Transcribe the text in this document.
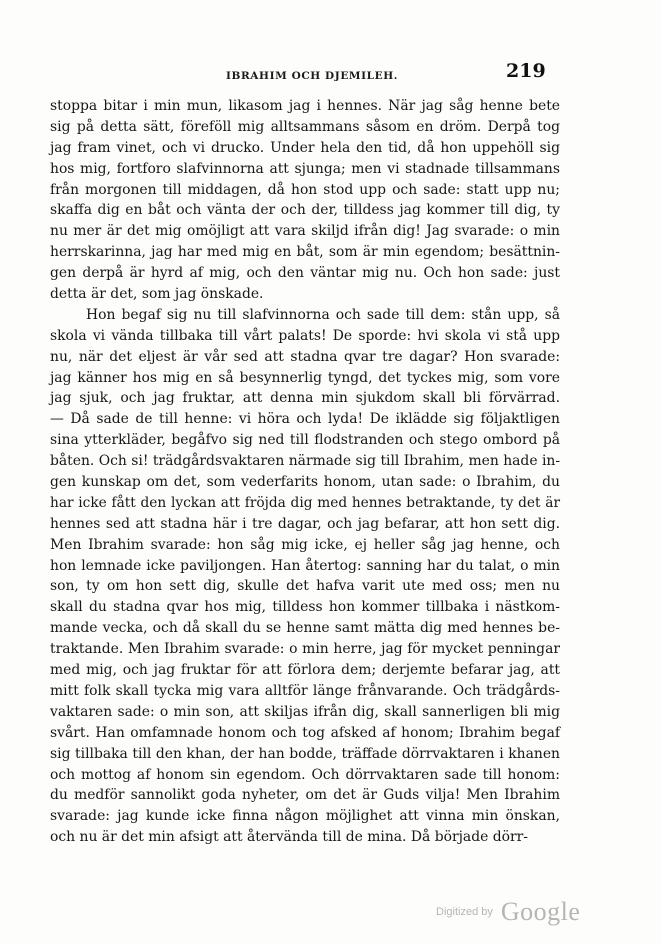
IBRAHIM OCH DJEMILEH.	219
stoppa bitar i min mun, likasom jag i hennes. När jag såg henne bete
sig på detta sätt, föreföll mig alltsammans såsom en dröm. Derpå tog
jag fram vinet, och vi drucko. Under hela den tid, då hon uppehöll sig
hos mig, fortforo slafvinnorna att sjunga; men vi stadnade tillsammans
från morgonen till middagen, då hon stod upp och sade: statt upp nu;
skaffa dig en båt och vänta der och der, tilldess jag kommer till dig, ty
nu mer är det mig omöjligt att vara skiljd ifrån dig! Jag svarade: o min
herrskarinna, jag har med mig en båt, som är min egendom; besättnin-
gen derpå är hyrd af mig, och den väntar mig nu. Och hon sade: just
detta är det, som jag önskade.
Hon begaf sig nu till slafvinnorna och sade till dem: stån upp, så
skola vi vända tillbaka till vårt palats! De sporde: hvi skola vi stå upp
nu, när det eljest är vår sed att stadna qvar tre dagar? Hon svarade:
jag känner hos mig en så besynnerlig tyngd, det tyckes mig, som vore
jag sjuk, och jag fruktar, att denna min sjukdom skall bli förvärrad.
— Då sade de till henne: vi höra och lyda! De iklädde sig följaktligen
sina ytterkläder, begåfvo sig ned till flodstranden och stego ombord på
båten. Och si! trädgårdsvaktaren närmade sig till Ibrahim, men hade in-
gen kunskap om det, som vederfarits honom, utan sade: o Ibrahim, du
har icke fått den lyckan att fröjda dig med hennes betraktande, ty det är
hennes sed att stadna här i tre dagar, och jag befarar, att hon sett dig.
Men Ibrahim svarade: hon såg mig icke, ej heller såg jag henne, och
hon lemnade icke paviljongen. Han återtog: sanning har du talat, o min
son, ty om hon sett dig, skulle det hafva varit ute med oss; men nu
skall du stadna qvar hos mig, tilldess hon kommer tillbaka i nästkom-
mande vecka, och då skall du se henne samt mätta dig med hennes be-
traktande. Men Ibrahim svarade: o min herre, jag för mycket penningar
med mig, och jag fruktar för att förlora dem; derjemte befarar jag, att
mitt folk skall tycka mig vara alltför länge frånvarande. Och trädgårds-
vaktaren sade: o min son, att skiljas ifrån dig, skall sannerligen bli mig
svårt. Han omfamnade honom och tog afsked af honom; Ibrahim begaf
sig tillbaka till den khan, der han bodde, träffade dörrvaktaren i khanen
och mottog af honom sin egendom. Och dörrvaktaren sade till honom:
du medför sannolikt goda nyheter, om det är Guds vilja! Men Ibrahim
svarade: jag kunde icke finna någon möjlighet att vinna min önskan,
och nu är det min afsigt att återvända till de mina. Då började dörr-
Digitized by Google
